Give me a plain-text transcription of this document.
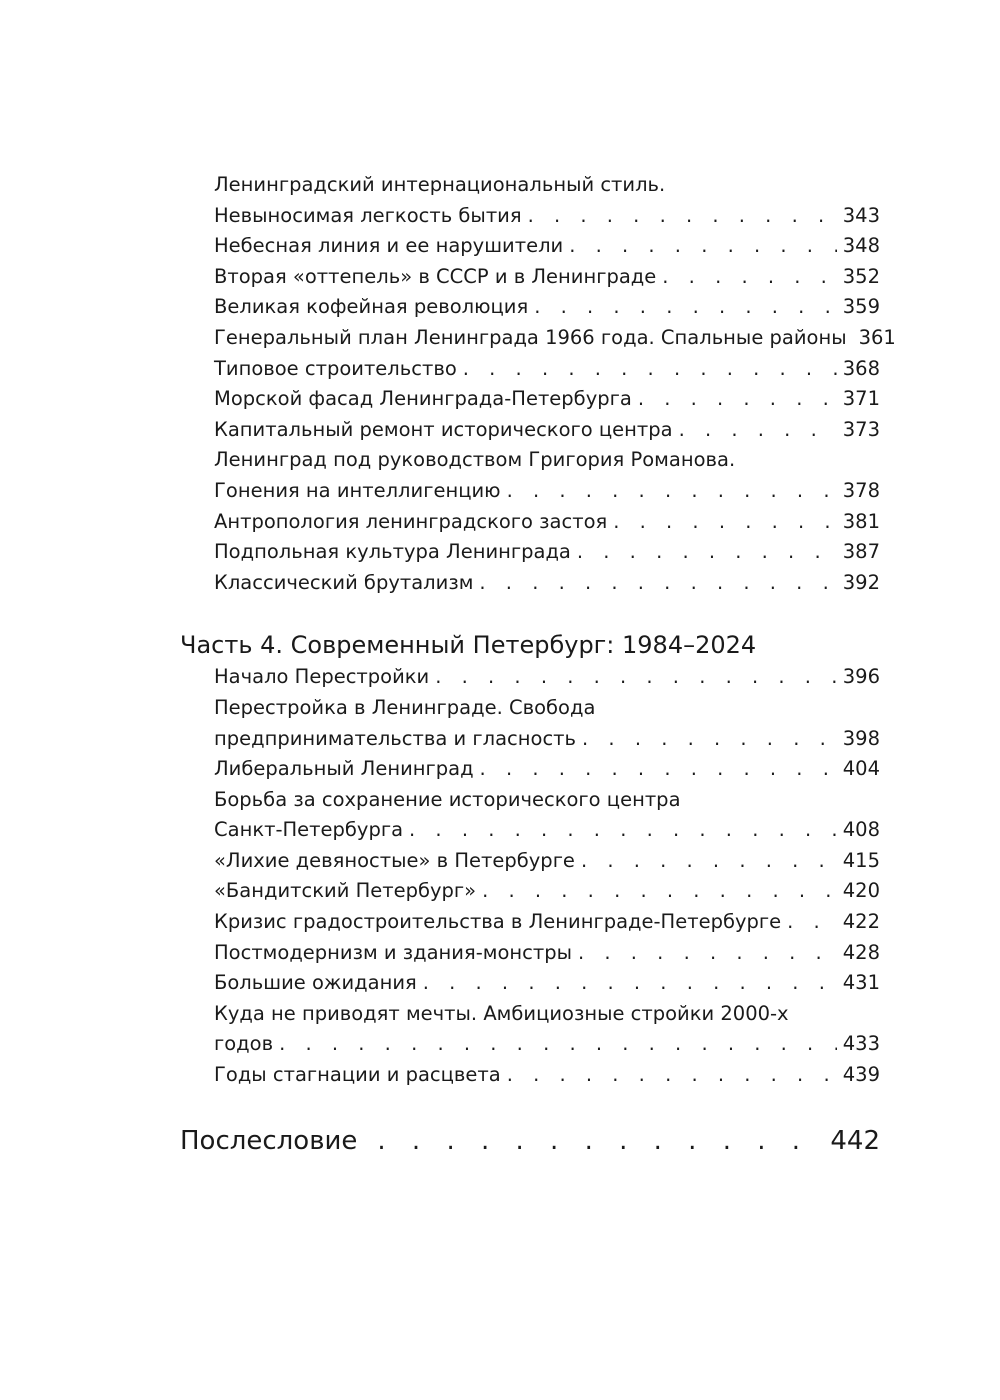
Ленинградский интернациональный стиль.
Невыносимая легкость бытия . . .	343
Небесная линия и ее нарушители . . .	348
Вторая «оттепель» в СССР и в Ленинграде . . .	352
Великая кофейная революция . . .	359
Генеральный план Ленинграда 1966 года. Спальные районы 361
Типовое строительство . . .	368
Морской фасад Ленинграда-Петербурга . . .	371
Капитальный ремонт исторического центра . . .	373
Ленинград под руководством Григория Романова.
Гонения на интеллигенцию . . .	378
Антропология ленинградского застоя . . .	381
Подпольная культура Ленинграда . . .	387
Классический брутализм . . .	392
Часть 4. Современный Петербург: 1984–2024
Начало Перестройки . . .	396
Перестройка в Ленинграде. Свобода
предпринимательства и гласность . . .	398
Либеральный Ленинград . . .	404
Борьба за сохранение исторического центра
Санкт-Петербурга . . .	408
«Лихие девяностые» в Петербурге . . .	415
«Бандитский Петербург» . . .	420
Кризис градостроительства в Ленинграде-Петербурге . . .	422
Постмодернизм и здания-монстры . . .	428
Большие ожидания . . .	431
Куда не приводят мечты. Амбициозные стройки 2000-х
годов . . .	433
Годы стагнации и расцвета . . .	439
Послесловие . . .	442
